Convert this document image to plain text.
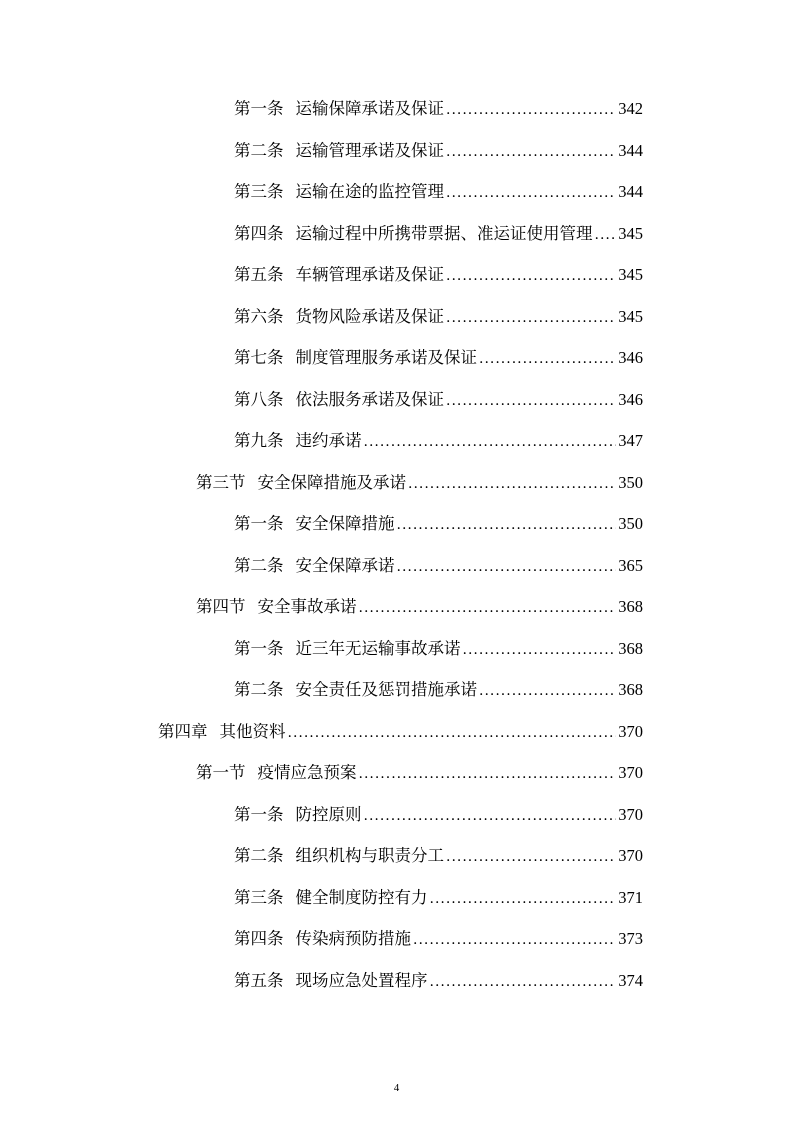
第一条 运输保障承诺及保证 .....	342
第二条 运输管理承诺及保证 .....	344
第三条 运输在途的监控管理 .....	344
第四条 运输过程中所携带票据、准运证使用管理 ..... 345
第五条 车辆管理承诺及保证 .....	345
第六条 货物风险承诺及保证 .....	345
第七条 制度管理服务承诺及保证 .....	346
第八条 依法服务承诺及保证 .....	346
第九条 违约承诺 .....	347
第三节 安全保障措施及承诺 .....	350
第一条 安全保障措施 .....	350
第二条 安全保障承诺 .....	365
第四节 安全事故承诺 .....	368
第一条 近三年无运输事故承诺 .....	368
第二条 安全责任及惩罚措施承诺 .....	368
第四章 其他资料 .....	370
第一节 疫情应急预案 .....	370
第一条 防控原则 .....	370
第二条 组织机构与职责分工 .....	370
第三条 健全制度防控有力 .....	371
第四条 传染病预防措施 .....	373
第五条 现场应急处置程序 .....	374
4
